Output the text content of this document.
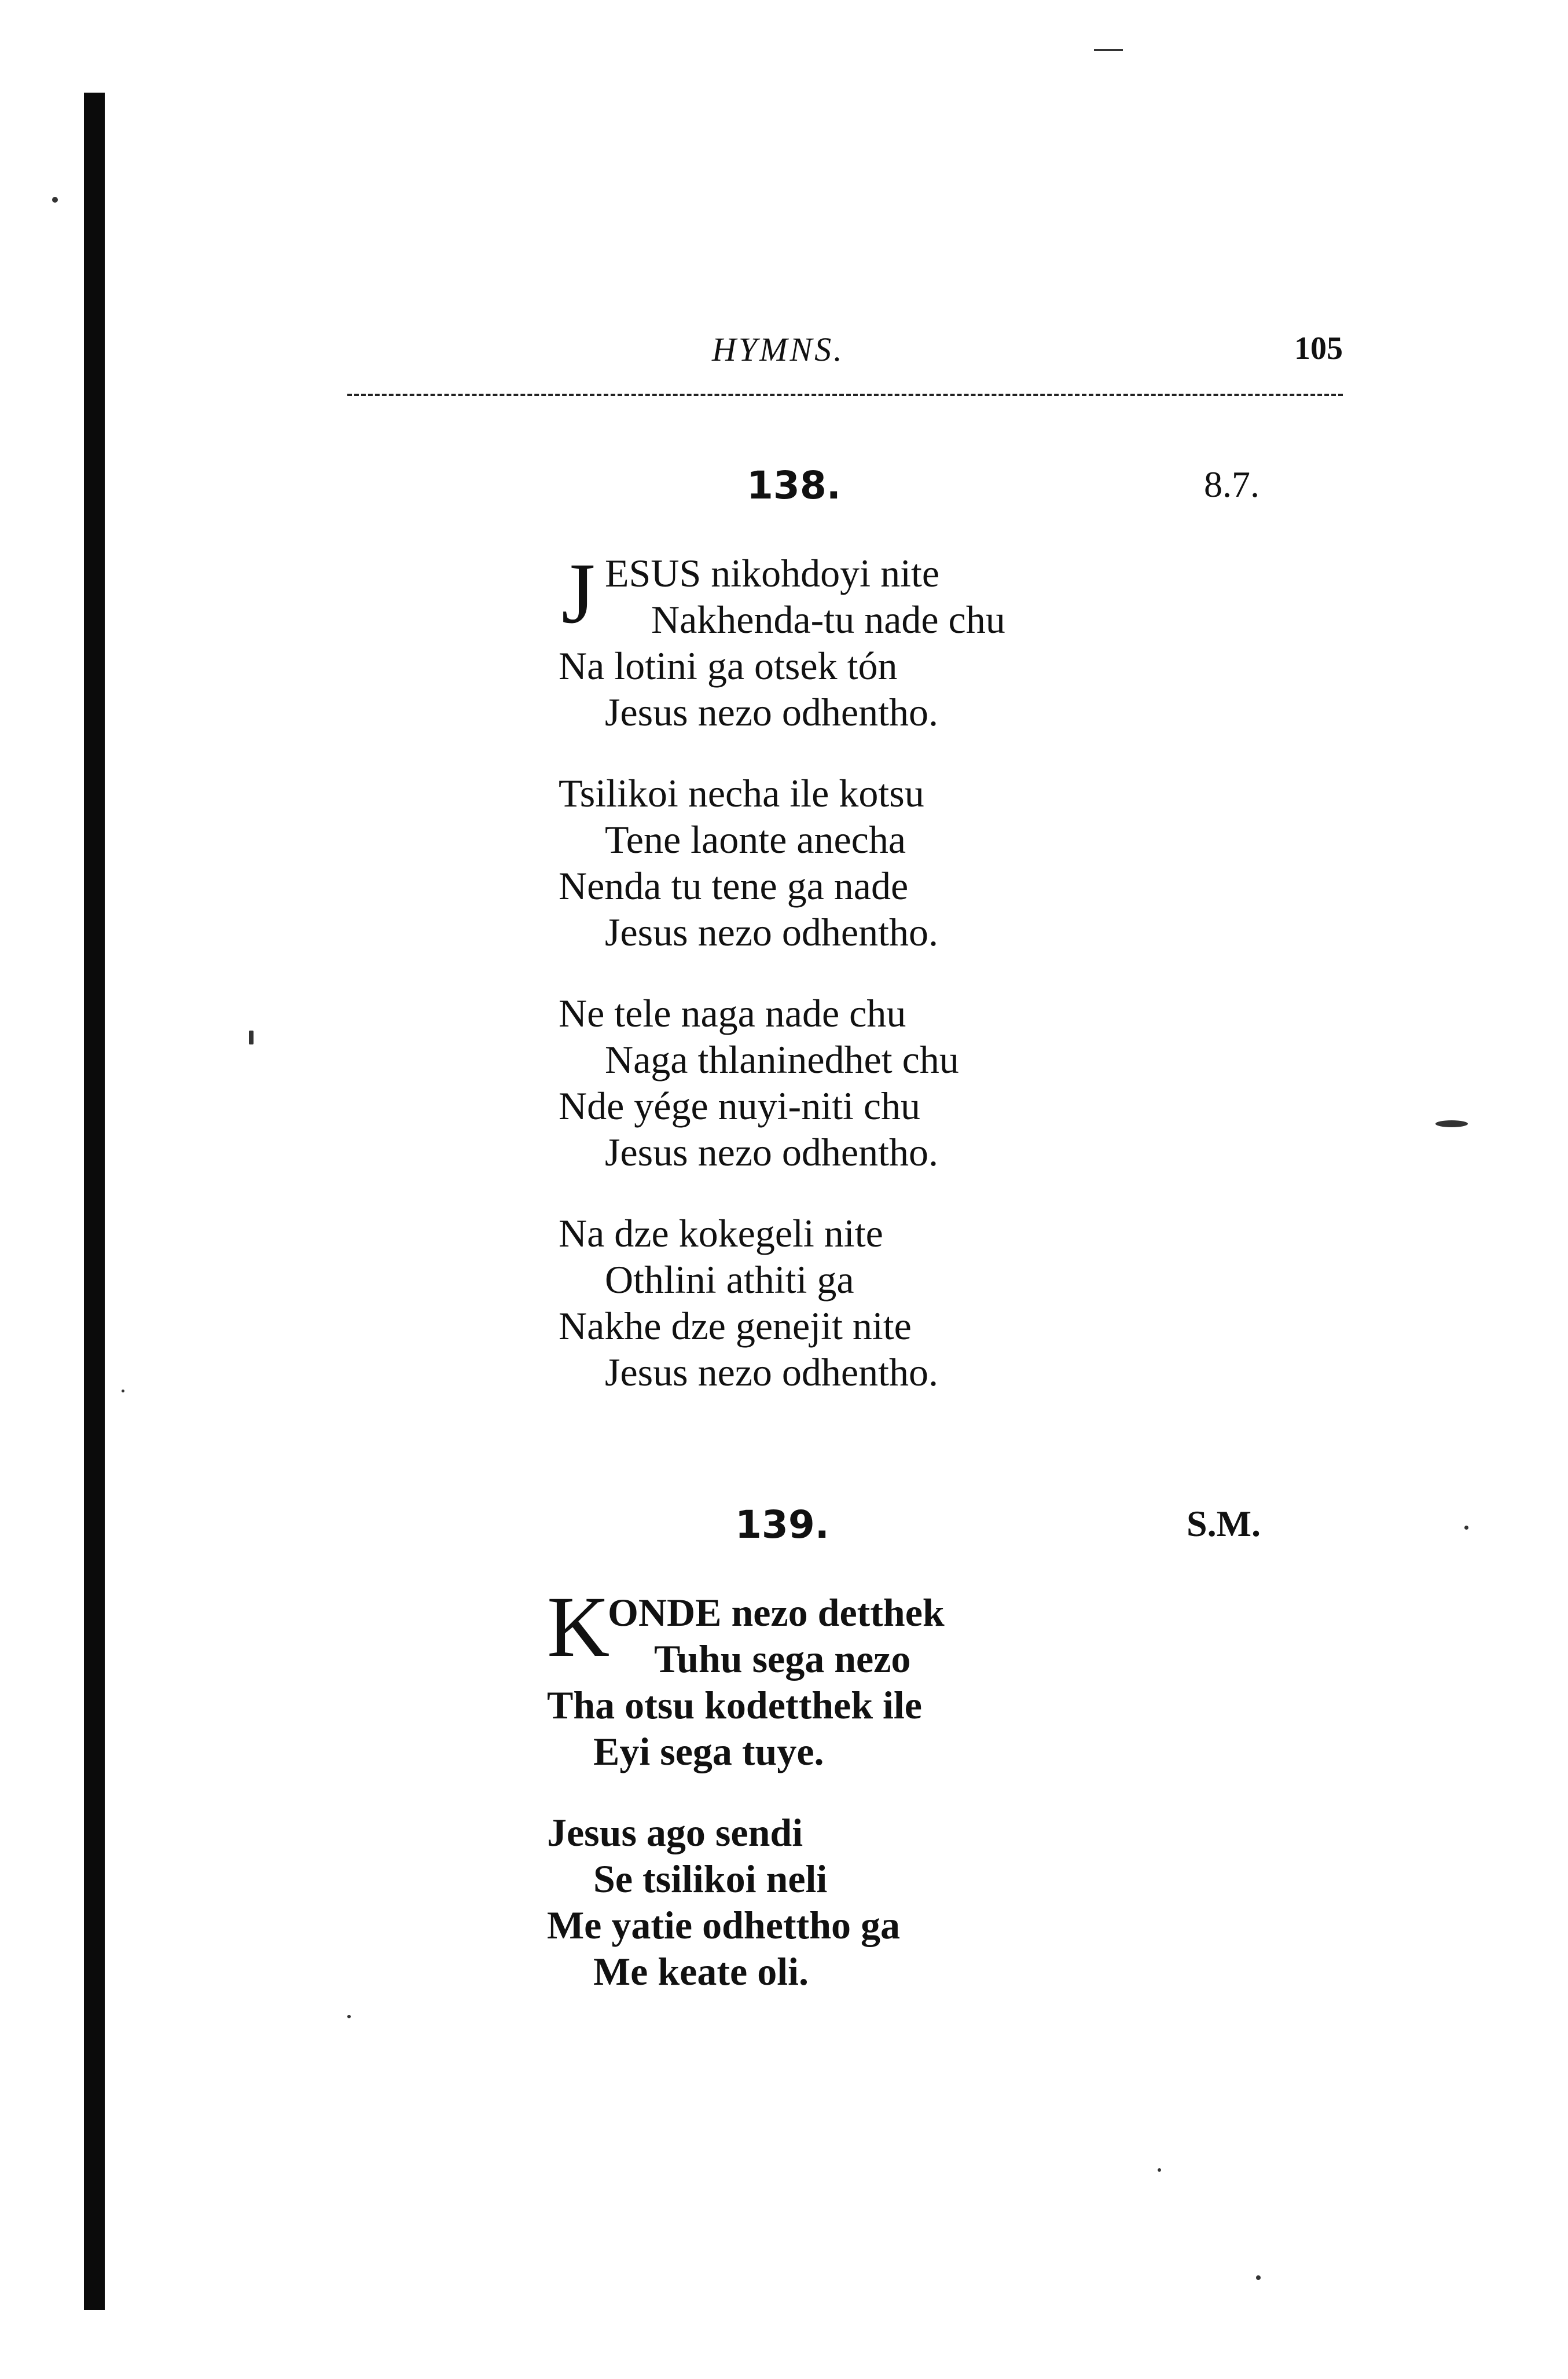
HYMNS.	105
138.	8.7.
J ESUS nikohdoyi nite
Nakhenda-tu nade chu
Na lotini ga otsek tón
Jesus nezo odhentho.
Tsilikoi necha ile kotsu
Tene laonte anecha
Nenda tu tene ga nade
Jesus nezo odhentho.
Ne tele naga nade chu
Naga thlaninedhet chu
Nde yége nuyi-niti chu
Jesus nezo odhentho.
Na dze kokegeli nite
Othlini athiti ga
Nakhe dze genejit nite
Jesus nezo odhentho.
139.	S.M.
K
ONDE nezo detthek
Tuhu sega nezo
Tha otsu kodetthek ile
Eyi sega tuye.
Jesus ago sendi
Se tsilikoi neli
Me yatie odhettho ga
Me keate oli.
